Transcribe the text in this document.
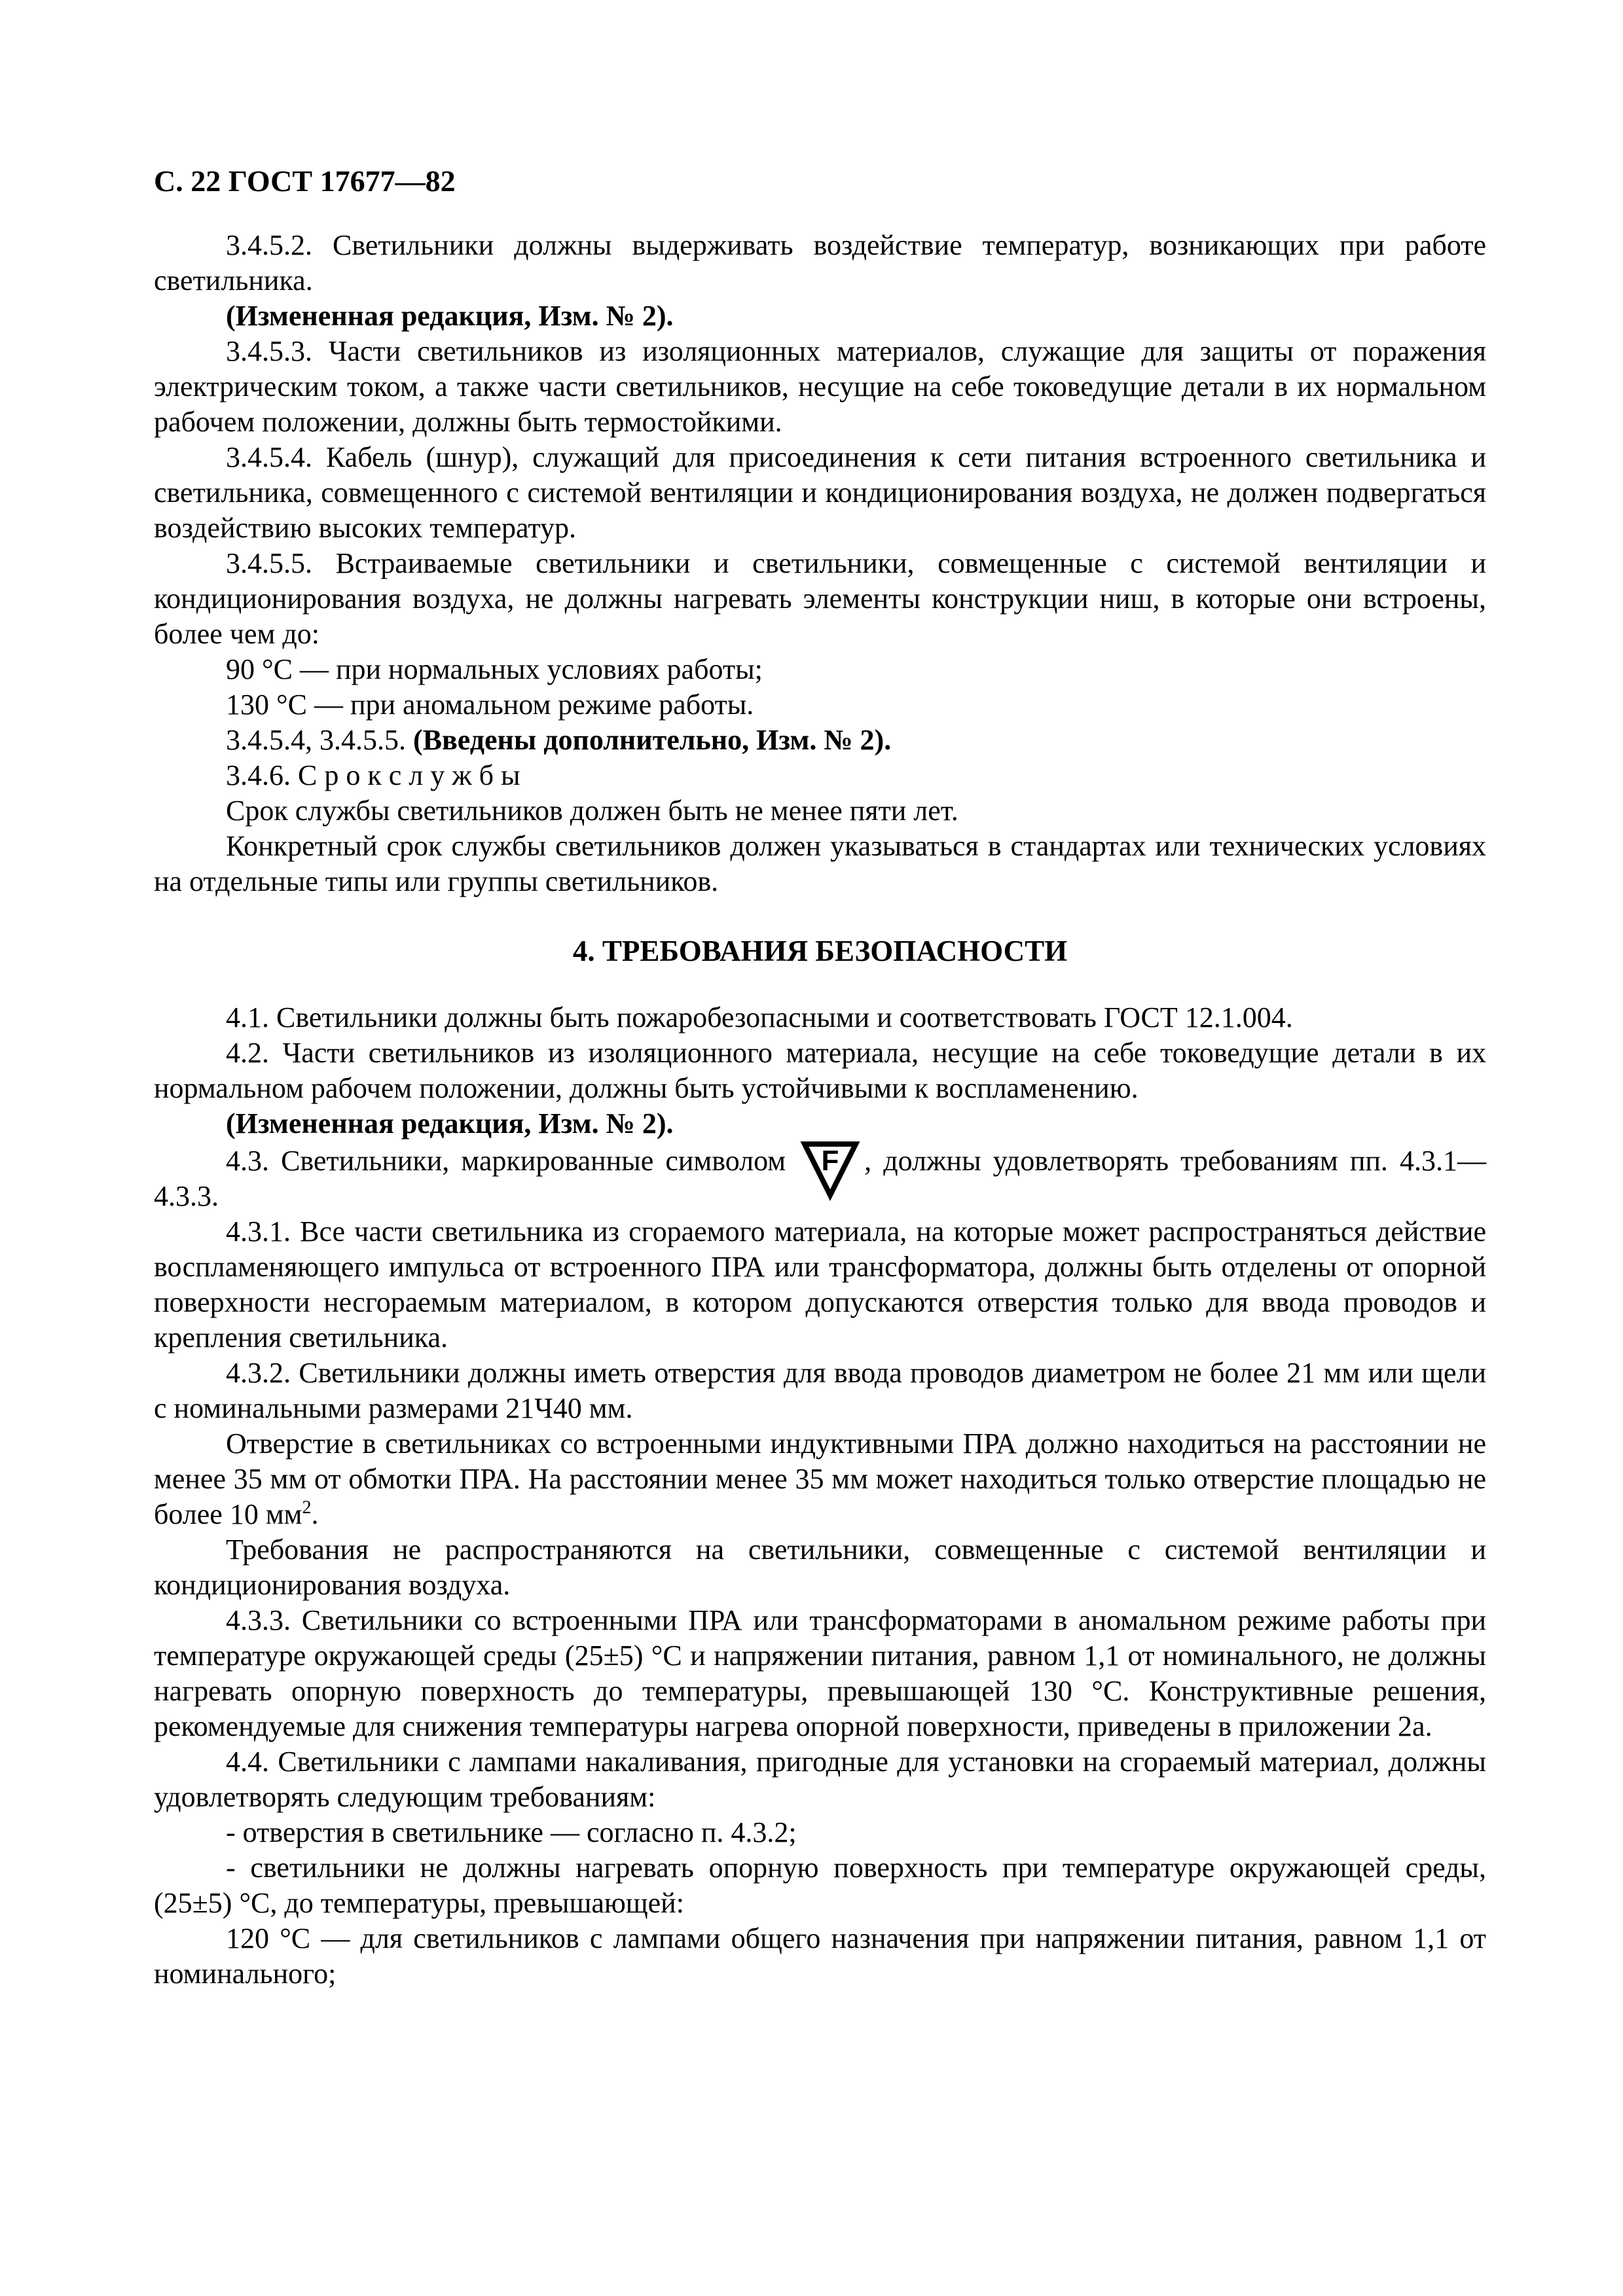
С. 22 ГОСТ 17677—82

3.4.5.2. Светильники должны выдерживать воздействие температур, возникающих при работе светильника.

(Измененная редакция, Изм. № 2).

3.4.5.3. Части светильников из изоляционных материалов, служащие для защиты от поражения электрическим током, а также части светильников, несущие на себе токоведущие детали в их нормальном рабочем положении, должны быть термостойкими.

3.4.5.4. Кабель (шнур), служащий для присоединения к сети питания встроенного светильника и светильника, совмещенного с системой вентиляции и кондиционирования воздуха, не должен подвергаться воздействию высоких температур.

3.4.5.5. Встраиваемые светильники и светильники, совмещенные с системой вентиляции и кондиционирования воздуха, не должны нагревать элементы конструкции ниш, в которые они встроены, более чем до:

90 °С — при нормальных условиях работы;

130 °С — при аномальном режиме работы.

3.4.5.4, 3.4.5.5. (Введены дополнительно, Изм. № 2).

3.4.6. С р о к с л у ж б ы

Срок службы светильников должен быть не менее пяти лет.

Конкретный срок службы светильников должен указываться в стандартах или технических условиях на отдельные типы или группы светильников.

4. ТРЕБОВАНИЯ БЕЗОПАСНОСТИ

4.1. Светильники должны быть пожаробезопасными и соответствовать ГОСТ 12.1.004.

4.2. Части светильников из изоляционного материала, несущие на себе токоведущие детали в их нормальном рабочем положении, должны быть устойчивыми к воспламенению.

(Измененная редакция, Изм. № 2).

4.3. Светильники, маркированные символом F , должны удовлетворять требованиям пп. 4.3.1—4.3.3.

4.3.1. Все части светильника из сгораемого материала, на которые может распространяться действие воспламеняющего импульса от встроенного ПРА или трансформатора, должны быть отделены от опорной поверхности несгораемым материалом, в котором допускаются отверстия только для ввода проводов и крепления светильника.

4.3.2. Светильники должны иметь отверстия для ввода проводов диаметром не более 21 мм или щели с номинальными размерами 21Ч40 мм.

Отверстие в светильниках со встроенными индуктивными ПРА должно находиться на расстоянии не менее 35 мм от обмотки ПРА. На расстоянии менее 35 мм может находиться только отверстие площадью не более 10 $мм^2$.

Требования не распространяются на светильники, совмещенные с системой вентиляции и кондиционирования воздуха.

4.3.3. Светильники со встроенными ПРА или трансформаторами в аномальном режиме работы при температуре окружающей среды (25±5) °С и напряжении питания, равном 1,1 от номинального, не должны нагревать опорную поверхность до температуры, превышающей 130 °С. Конструктивные решения, рекомендуемые для снижения температуры нагрева опорной поверхности, приведены в приложении 2а.

4.4. Светильники с лампами накаливания, пригодные для установки на сгораемый материал, должны удовлетворять следующим требованиям:

- отверстия в светильнике — согласно п. 4.3.2;

- светильники не должны нагревать опорную поверхность при температуре окружающей среды, (25±5) °С, до температуры, превышающей:

120 °С — для светильников с лампами общего назначения при напряжении питания, равном 1,1 от номинального;
